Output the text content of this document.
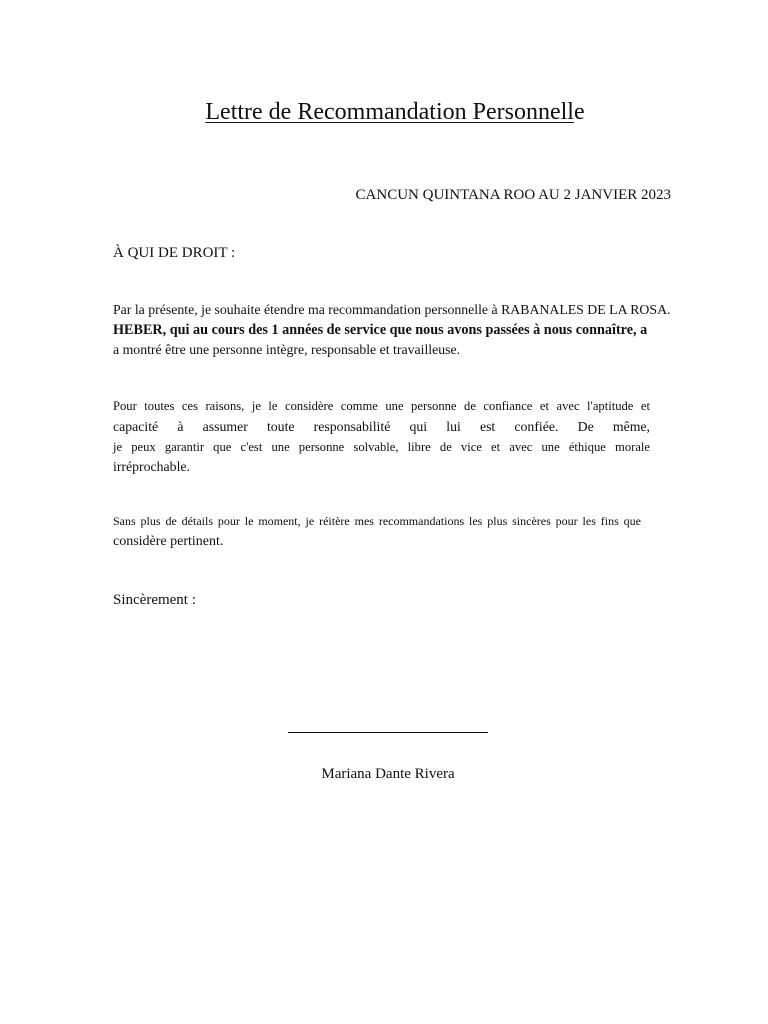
Lettre de Recommandation Personnelle
CANCUN QUINTANA ROO AU 2 JANVIER 2023
À QUI DE DROIT :
Par la présente, je souhaite étendre ma recommandation personnelle à RABANALES DE LA ROSA.
HEBER, qui au cours des 1 années de service que nous avons passées à nous connaître, a
a montré être une personne intègre, responsable et travailleuse.
Pour toutes ces raisons, je le considère comme une personne de confiance et avec l'aptitude et
capacité à assumer toute responsabilité qui lui est confiée. De même,
je peux garantir que c'est une personne solvable, libre de vice et avec une éthique morale
irréprochable.
Sans plus de détails pour le moment, je réitère mes recommandations les plus sincères pour les fins que
considère pertinent.
Sincèrement :
Mariana Dante Rivera
